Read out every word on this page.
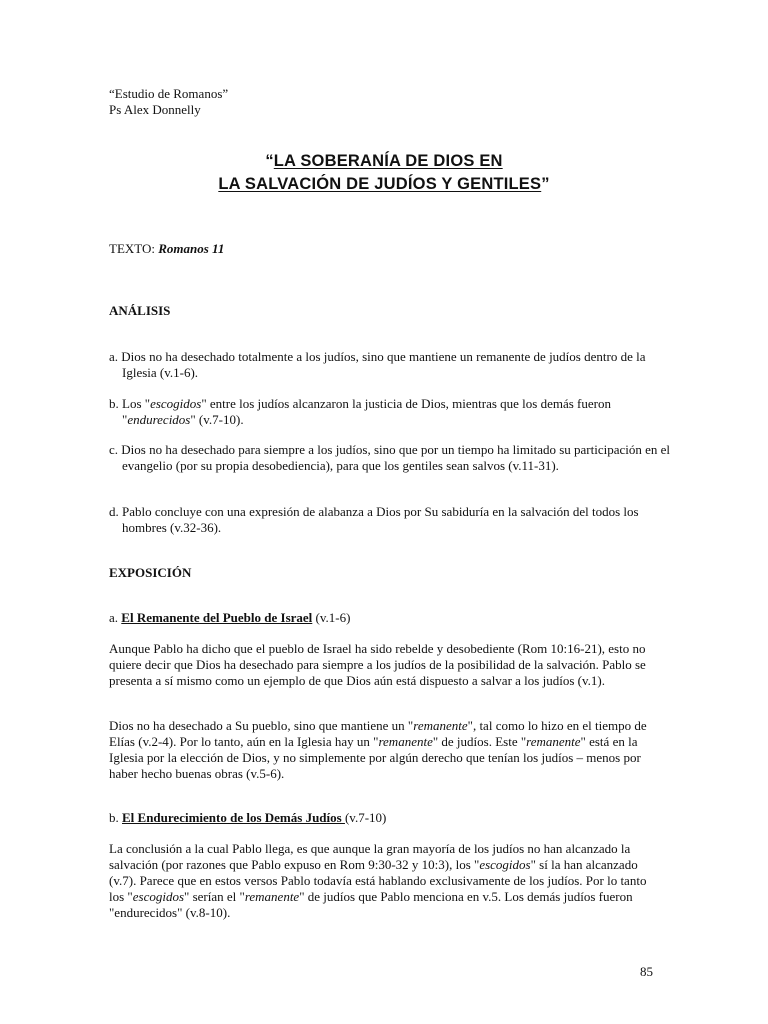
“Estudio de Romanos”
Ps Alex Donnelly
“LA SOBERANÍA DE DIOS EN
LA SALVACIÓN DE JUDÍOS Y GENTILES”
TEXTO: Romanos 11
ANÁLISIS
a. Dios no ha desechado totalmente a los judíos, sino que mantiene un remanente de judíos dentro de la Iglesia (v.1-6).
b. Los "escogidos" entre los judíos alcanzaron la justicia de Dios, mientras que los demás fueron "endurecidos" (v.7-10).
c. Dios no ha desechado para siempre a los judíos, sino que por un tiempo ha limitado su participación en el evangelio (por su propia desobediencia), para que los gentiles sean salvos (v.11-31).
d. Pablo concluye con una expresión de alabanza a Dios por Su sabiduría en la salvación del todos los hombres (v.32-36).
EXPOSICIÓN
a. El Remanente del Pueblo de Israel (v.1-6)
Aunque Pablo ha dicho que el pueblo de Israel ha sido rebelde y desobediente (Rom 10:16-21), esto no quiere decir que Dios ha desechado para siempre a los judíos de la posibilidad de la salvación. Pablo se presenta a sí mismo como un ejemplo de que Dios aún está dispuesto a salvar a los judíos (v.1).
Dios no ha desechado a Su pueblo, sino que mantiene un "remanente", tal como lo hizo en el tiempo de Elías (v.2-4). Por lo tanto, aún en la Iglesia hay un "remanente" de judíos. Este "remanente" está en la Iglesia por la elección de Dios, y no simplemente por algún derecho que tenían los judíos – menos por haber hecho buenas obras (v.5-6).
b. El Endurecimiento de los Demás Judíos (v.7-10)
La conclusión a la cual Pablo llega, es que aunque la gran mayoría de los judíos no han alcanzado la salvación (por razones que Pablo expuso en Rom 9:30-32 y 10:3), los "escogidos" sí la han alcanzado (v.7). Parece que en estos versos Pablo todavía está hablando exclusivamente de los judíos. Por lo tanto los "escogidos" serían el "remanente" de judíos que Pablo menciona en v.5. Los demás judíos fueron "endurecidos" (v.8-10).
85
